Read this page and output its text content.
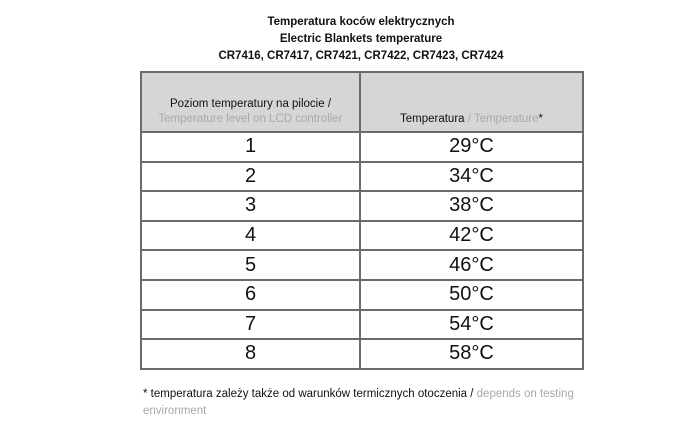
Temperatura koców elektrycznych
Electric Blankets temperature
CR7416, CR7417, CR7421, CR7422, CR7423, CR7424
Poziom temperatury na pilocie /
Temperature level on LCD controller	Temperatura / Temperature*
1	29°C
2	34°C
3	38°C
4	42°C
5	46°C
6	50°C
7	54°C
8	58°C
* temperatura zależy także od warunków termicznych otoczenia / depends on testing environment
